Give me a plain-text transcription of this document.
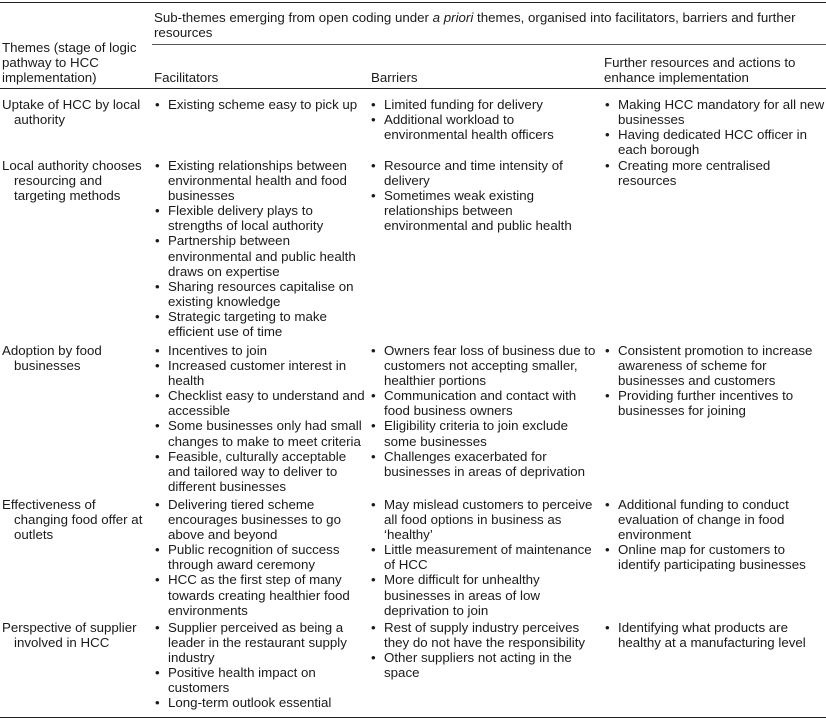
Sub-themes emerging from open coding under a priori themes, organised into facilitators, barriers and further resources
Themes (stage of logic pathway to HCC implementation)	Facilitators	Barriers
Further resources and actions to enhance implementation
Uptake of HCC by local authority
• Existing scheme easy to pick up
•	Limited funding for delivery
• Additional workload to environmental health officers
• Making HCC mandatory for all new businesses
• Having dedicated HCC officer in each borough
Local authority chooses resourcing and targeting methods
• Existing relationships between environmental health and food businesses
• Flexible delivery plays to strengths of local authority
• Partnership between environmental and public health draws on expertise
• Sharing resources capitalise on existing knowledge
• Strategic targeting to make efficient use of time
• Resource and time intensity of delivery
• Sometimes weak existing relationships between environmental and public health
• Creating more centralised resources
Adoption by food businesses
• Incentives to join
• Increased customer interest in health
• Checklist easy to understand and accessible
• Some businesses only had small changes to make to meet criteria
• Feasible, culturally acceptable and tailored way to deliver to different businesses
• Owners fear loss of business due to customers not accepting smaller, healthier portions
• Communication and contact with food business owners
• Eligibility criteria to join exclude some businesses
• Challenges exacerbated for businesses in areas of deprivation
• Consistent promotion to increase awareness of scheme for businesses and customers
• Providing further incentives to businesses for joining
Effectiveness of changing food offer at outlets
• Delivering tiered scheme encourages businesses to go above and beyond
• Public recognition of success through award ceremony
• HCC as the first step of many towards creating healthier food environments
• May mislead customers to perceive all food options in business as ‘healthy’
• Little measurement of maintenance of HCC
• More difficult for unhealthy businesses in areas of low deprivation to join
• Additional funding to conduct evaluation of change in food environment
• Online map for customers to identify participating businesses
Perspective of supplier involved in HCC
• Supplier perceived as being a leader in the restaurant supply industry
• Positive health impact on customers
• Long-term outlook essential
• Rest of supply industry perceives they do not have the responsibility
• Other suppliers not acting in the space
• Identifying what products are healthy at a manufacturing level
